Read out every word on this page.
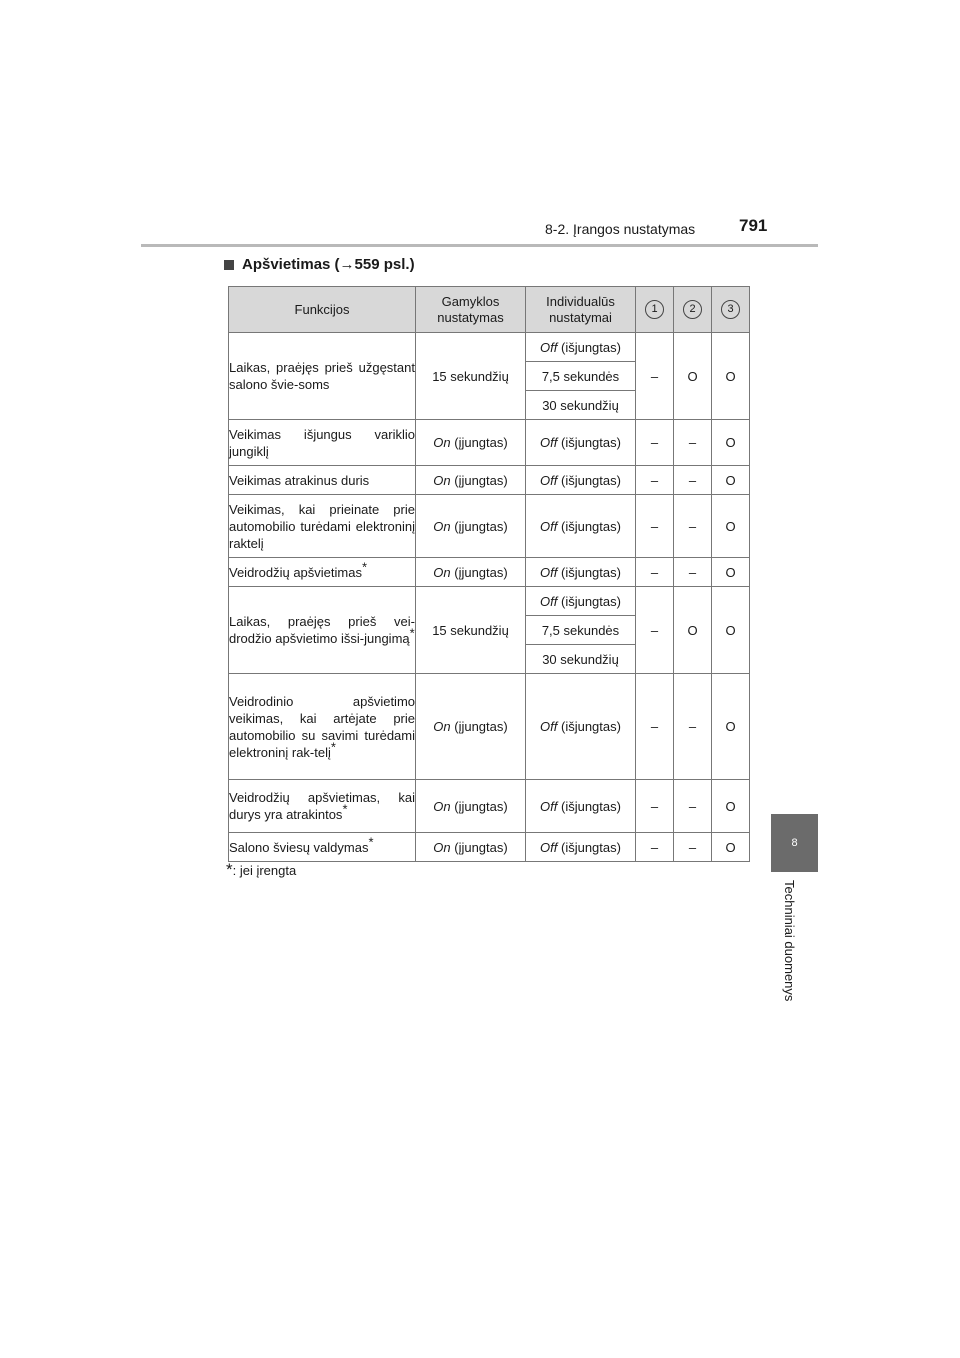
8-2. Įrangos nustatymas	791
8
Techniniai duomenys
Apšvietimas ( → 559 psl.)
Funkcijos	Gamyklos nustatymas	Individualūs nustatymai	1	2	3
Laikas, praėjęs prieš užgęstant salono švie-soms	15 sekundžių	Off (išjungtas)	–	O	O
		7,5 sekundės			
		30 sekundžių			
Veikimas išjungus variklio jungiklį	On (įjungtas)	Off (išjungtas)	–	–	O
Veikimas atrakinus duris	On (įjungtas)	Off (išjungtas)	–	–	O
Veikimas, kai prieinate prie automobilio turėdami elektroninį raktelį	On (įjungtas)	Off (išjungtas)	–	–	O
Veidrodžių apšvietimas*	On (įjungtas)	Off (išjungtas)	–	–	O
Laikas, praėjęs prieš vei-drodžio apšvietimo išsi-jungimą*	15 sekundžių	Off (išjungtas)	–	O	O
		7,5 sekundės			
		30 sekundžių			
Veidrodinio apšvietimo veikimas, kai artėjate prie automobilio su savimi turėdami elektroninį rak-telį*	On (įjungtas)	Off (išjungtas)	–	–	O
Veidrodžių apšvietimas, kai durys yra atrakintos*	On (įjungtas)	Off (išjungtas)	–	–	O
Salono šviesų valdymas*	On (įjungtas)	Off (išjungtas)	–	–	O
*: jei įrengta
